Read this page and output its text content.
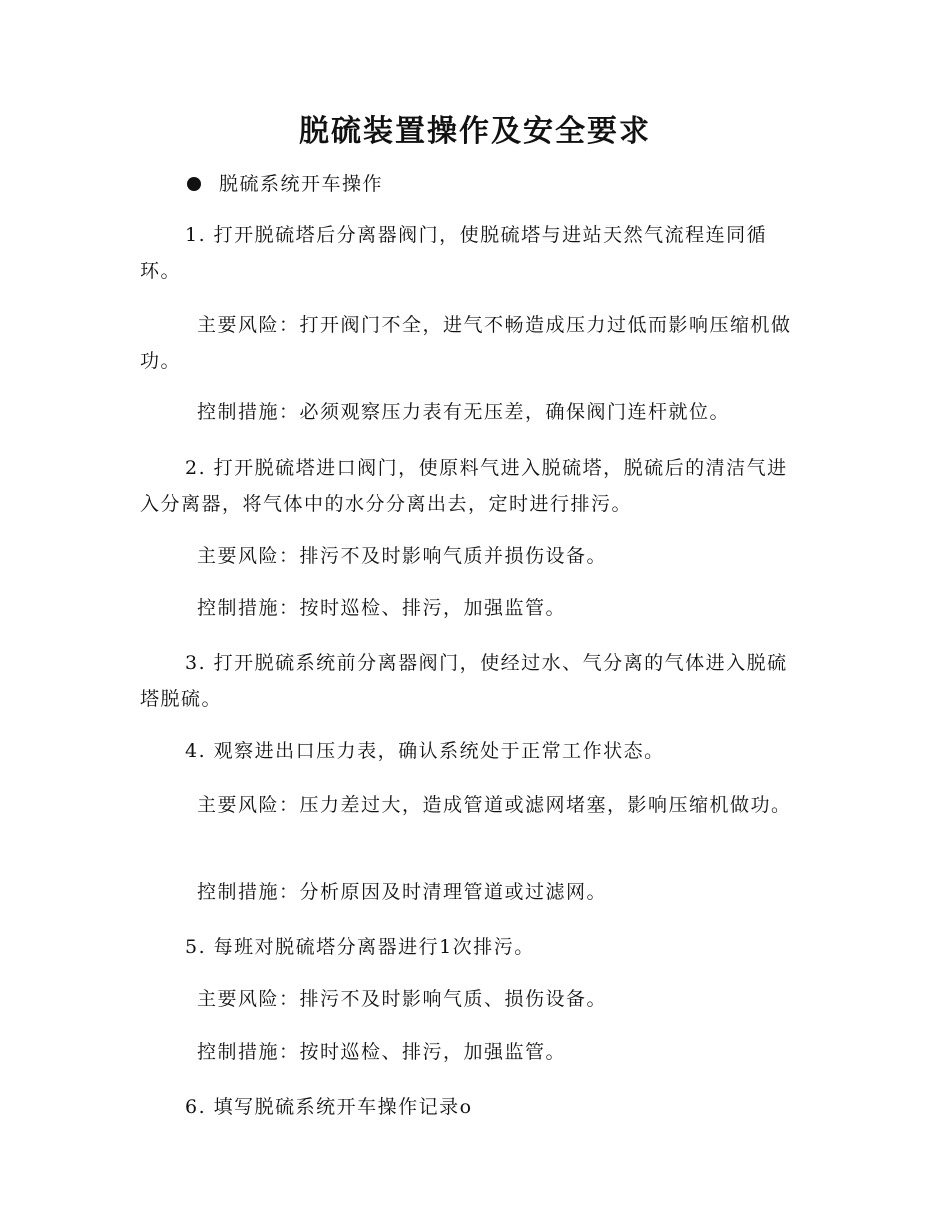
脱硫装置操作及安全要求
脱硫系统开车操作

1. 打开脱硫塔后分离器阀门，使脱硫塔与进站天然气流程连同循环。

主要风险：打开阀门不全，进气不畅造成压力过低而影响压缩机做功。

控制措施：必须观察压力表有无压差，确保阀门连杆就位。

2. 打开脱硫塔进口阀门，使原料气进入脱硫塔，脱硫后的清洁气进入分离器，将气体中的水分分离出去，定时进行排污。

主要风险：排污不及时影响气质并损伤设备。

控制措施：按时巡检、排污，加强监管。

3. 打开脱硫系统前分离器阀门，使经过水、气分离的气体进入脱硫塔脱硫。

4. 观察进出口压力表，确认系统处于正常工作状态。

主要风险：压力差过大，造成管道或滤网堵塞，影响压缩机做功。

控制措施：分析原因及时清理管道或过滤网。

5. 每班对脱硫塔分离器进行1次排污。

主要风险：排污不及时影响气质、损伤设备。

控制措施：按时巡检、排污，加强监管。

6. 填写脱硫系统开车操作记录o
